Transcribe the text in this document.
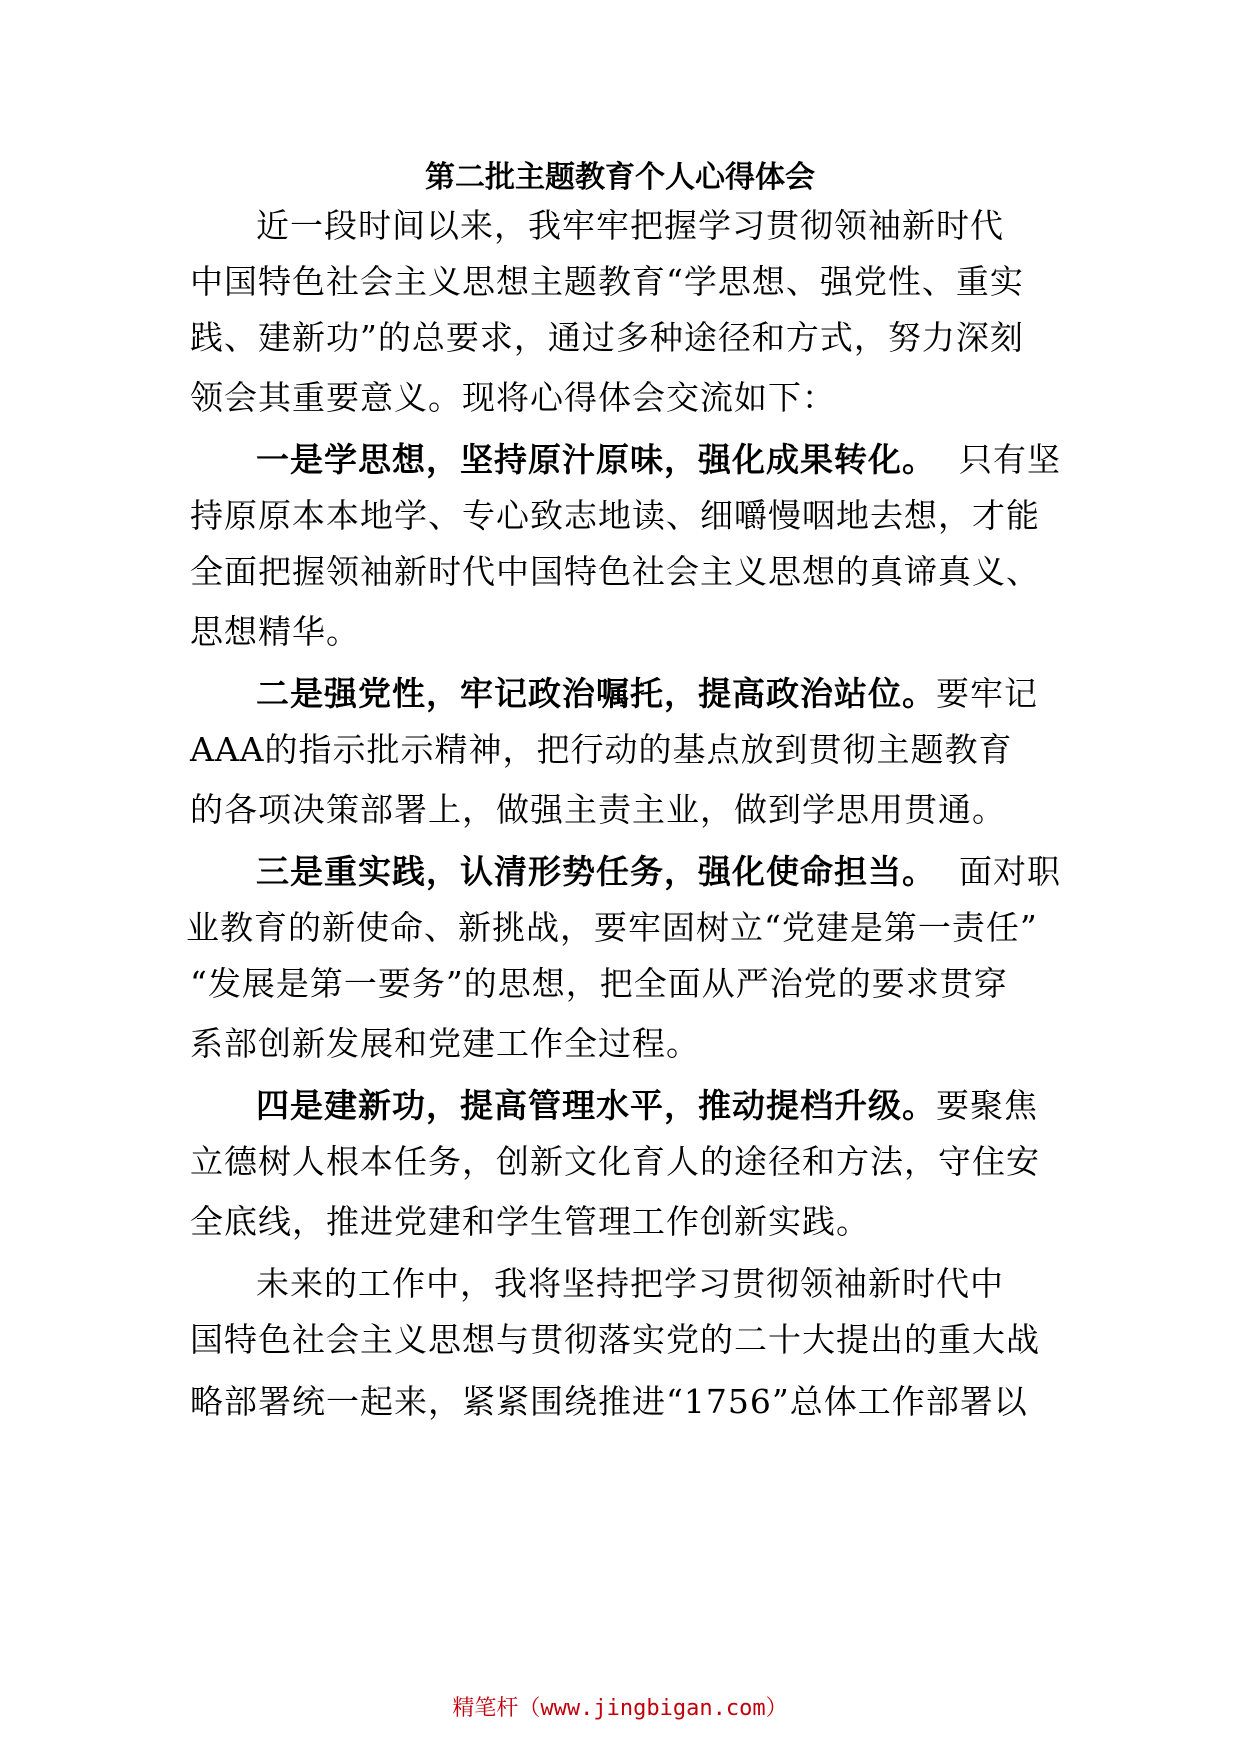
第二批主题教育个人心得体会
近一段时间以来，我牢牢把握学习贯彻领袖新时代
中国特色社会主义思想主题教育“学思想、强党性、重实
践、建新功”的总要求，通过多种途径和方式，努力深刻
领会其重要意义。现将心得体会交流如下：
一是学思想，坚持原汁原味，强化成果转化。 只有坚
持原原本本地学、专心致志地读、细嚼慢咽地去想，才能
全面把握领袖新时代中国特色社会主义思想的真谛真义、
思想精华。
二是强党性，牢记政治嘱托，提高政治站位。要牢记
AAA的指示批示精神，把行动的基点放到贯彻主题教育
的各项决策部署上，做强主责主业，做到学思用贯通。
三是重实践，认清形势任务，强化使命担当。 面对职
业教育的新使命、新挑战，要牢固树立“党建是第一责任”
“发展是第一要务”的思想，把全面从严治党的要求贯穿
系部创新发展和党建工作全过程。
四是建新功，提高管理水平，推动提档升级。要聚焦
立德树人根本任务，创新文化育人的途径和方法，守住安
全底线，推进党建和学生管理工作创新实践。
未来的工作中，我将坚持把学习贯彻领袖新时代中
国特色社会主义思想与贯彻落实党的二十大提出的重大战
略部署统一起来，紧紧围绕推进“1756”总体工作部署以
精笔杆（www.jingbigan.com）
